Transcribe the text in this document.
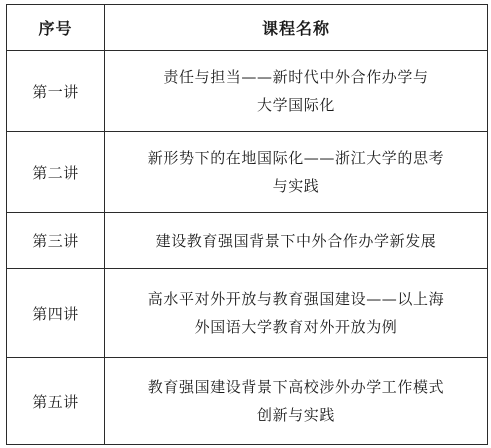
序号	课程名称
第一讲	责任与担当——新时代中外合作办学与
大学国际化

第二讲	新形势下的在地国际化——浙江大学的思考
与实践

第三讲	建设教育强国背景下中外合作办学新发展

第四讲	高水平对外开放与教育强国建设——以上海
外国语大学教育对外开放为例

第五讲	教育强国建设背景下高校涉外办学工作模式
创新与实践
